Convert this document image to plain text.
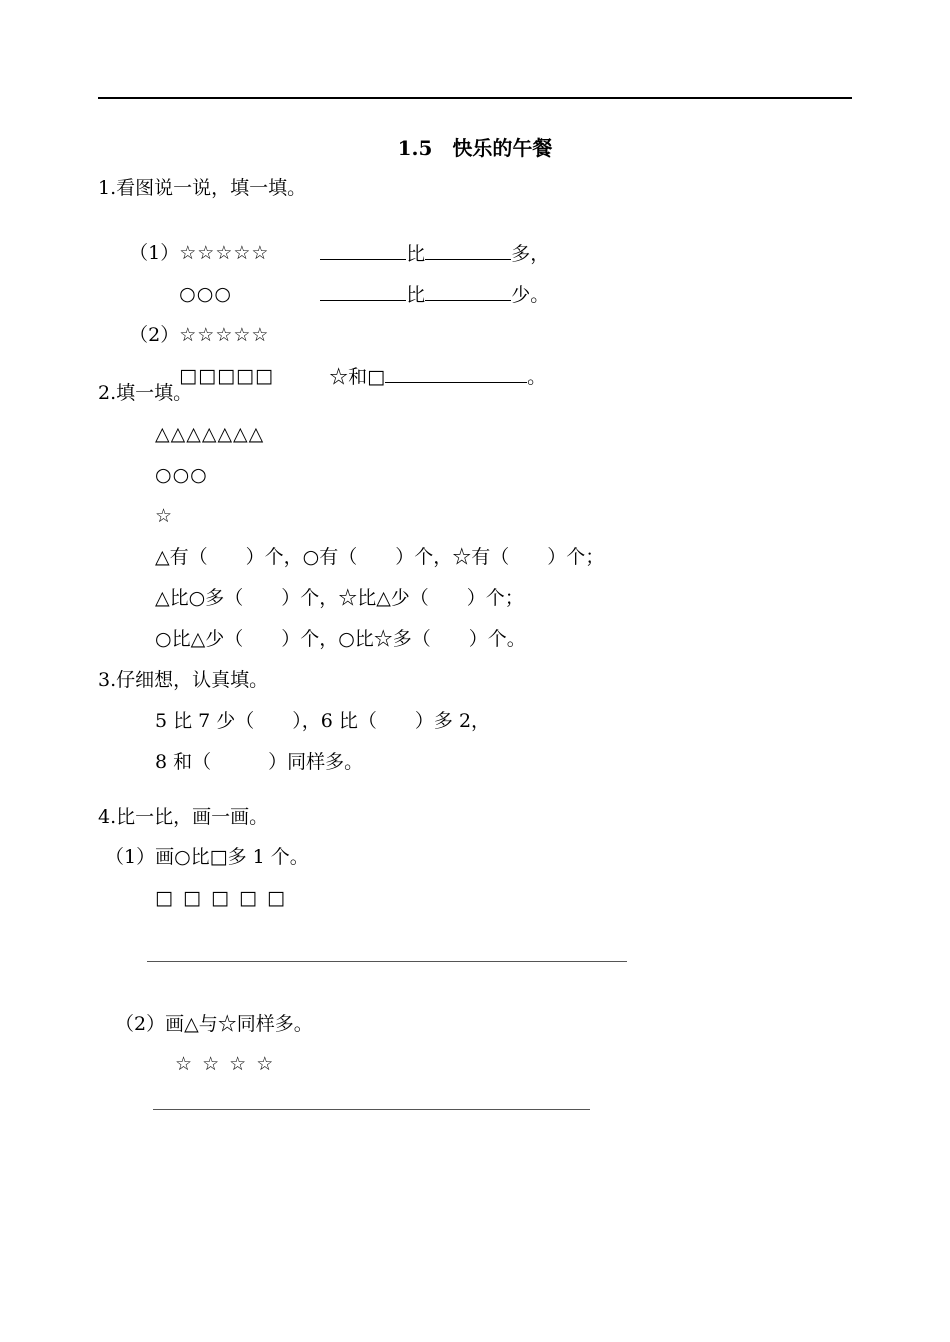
1.5　快乐的午餐
1.看图说一说，填一填。

（1）☆☆☆☆☆
	比	多，

○○○
	比	少。

（2）☆☆☆☆☆

□□□□□
	☆和□	。

2.填一填。
△△△△△△△
○○○
☆
△有（　　）个，○有（　　）个，☆有（　　）个；
△比○多（　　）个，☆比△少（　　）个；
○比△少（　　）个，○比☆多（　　）个。
3.仔细想，认真填。
5 比 7 少（　　），6 比（　　）多 2，
8 和（　　　）同样多。
4.比一比，画一画。
（1）画○比□多 1 个。
□ □ □ □ □
（2）画△与☆同样多。
☆ ☆ ☆ ☆
